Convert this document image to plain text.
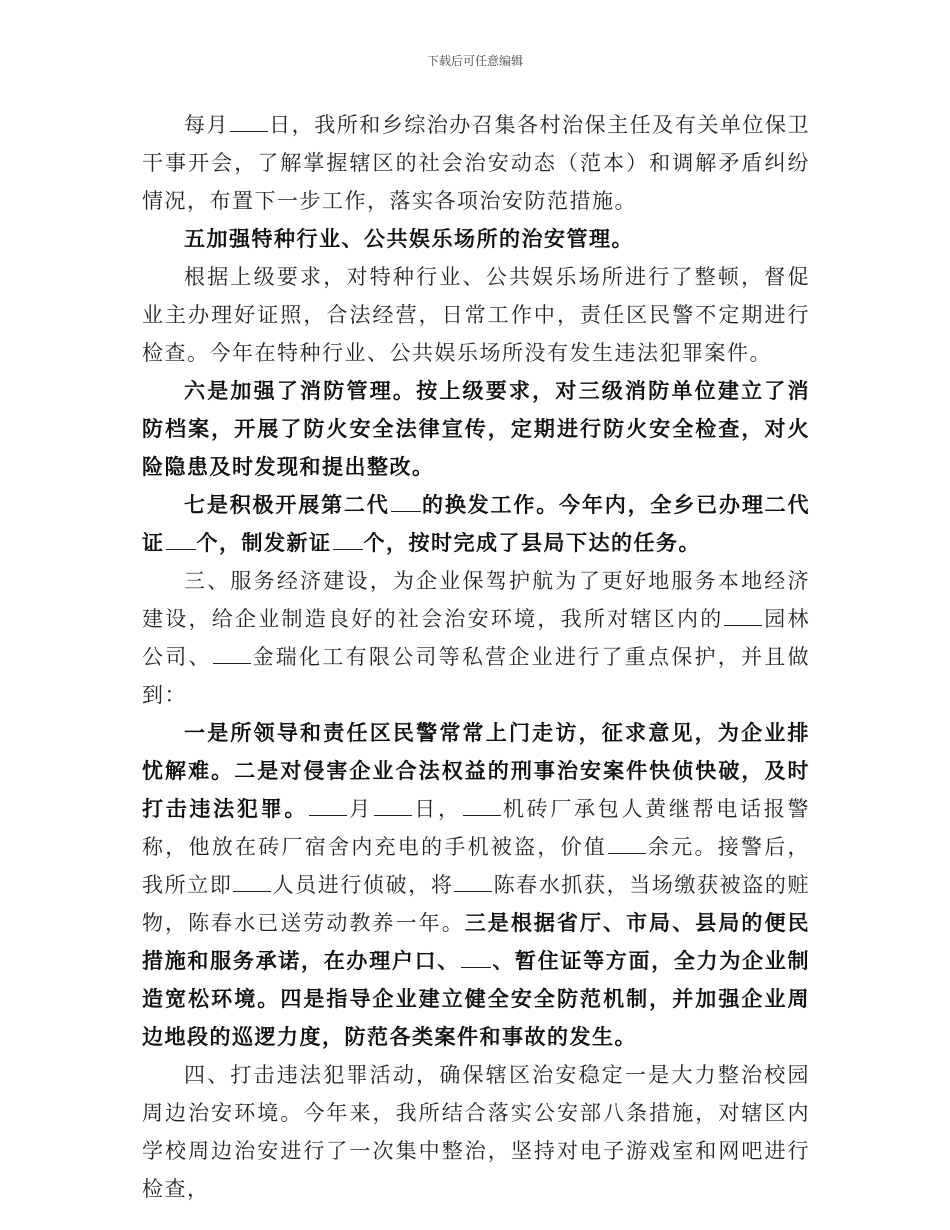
下载后可任意编辑

每月 日，我所和乡综治办召集各村治保主任及有关单位保卫干事开会，了解掌握辖区的社会治安动态（范本）和调解矛盾纠纷情况，布置下一步工作，落实各项治安防范措施。

五加强特种行业、公共娱乐场所的治安管理。

根据上级要求，对特种行业、公共娱乐场所进行了整顿，督促业主办理好证照，合法经营，日常工作中，责任区民警不定期进行检查。今年在特种行业、公共娱乐场所没有发生违法犯罪案件。

六是加强了消防管理。按上级要求，对三级消防单位建立了消防档案，开展了防火安全法律宣传，定期进行防火安全检查，对火险隐患及时发现和提出整改。

七是积极开展第二代 的换发工作。今年内，全乡已办理二代证 个，制发新证 个，按时完成了县局下达的任务。

三、服务经济建设，为企业保驾护航为了更好地服务本地经济建设，给企业制造良好的社会治安环境，我所对辖区内的 园林公司、 金瑞化工有限公司等私营企业进行了重点保护，并且做到：

一是所领导和责任区民警常常上门走访，征求意见，为企业排忧解难。二是对侵害企业合法权益的刑事治安案件快侦快破，及时打击违法犯罪。 月 日， 机砖厂承包人黄继帮电话报警称，他放在砖厂宿舍内充电的手机被盗，价值 余元。接警后，我所立即 人员进行侦破，将 陈春水抓获，当场缴获被盗的赃物，陈春水已送劳动教养一年。三是根据省厅、市局、县局的便民措施和服务承诺，在办理户口、 、暂住证等方面，全力为企业制造宽松环境。四是指导企业建立健全安全防范机制，并加强企业周边地段的巡逻力度，防范各类案件和事故的发生。

四、打击违法犯罪活动，确保辖区治安稳定一是大力整治校园周边治安环境。今年来，我所结合落实公安部八条措施，对辖区内学校周边治安进行了一次集中整治，坚持对电子游戏室和网吧进行检查，
